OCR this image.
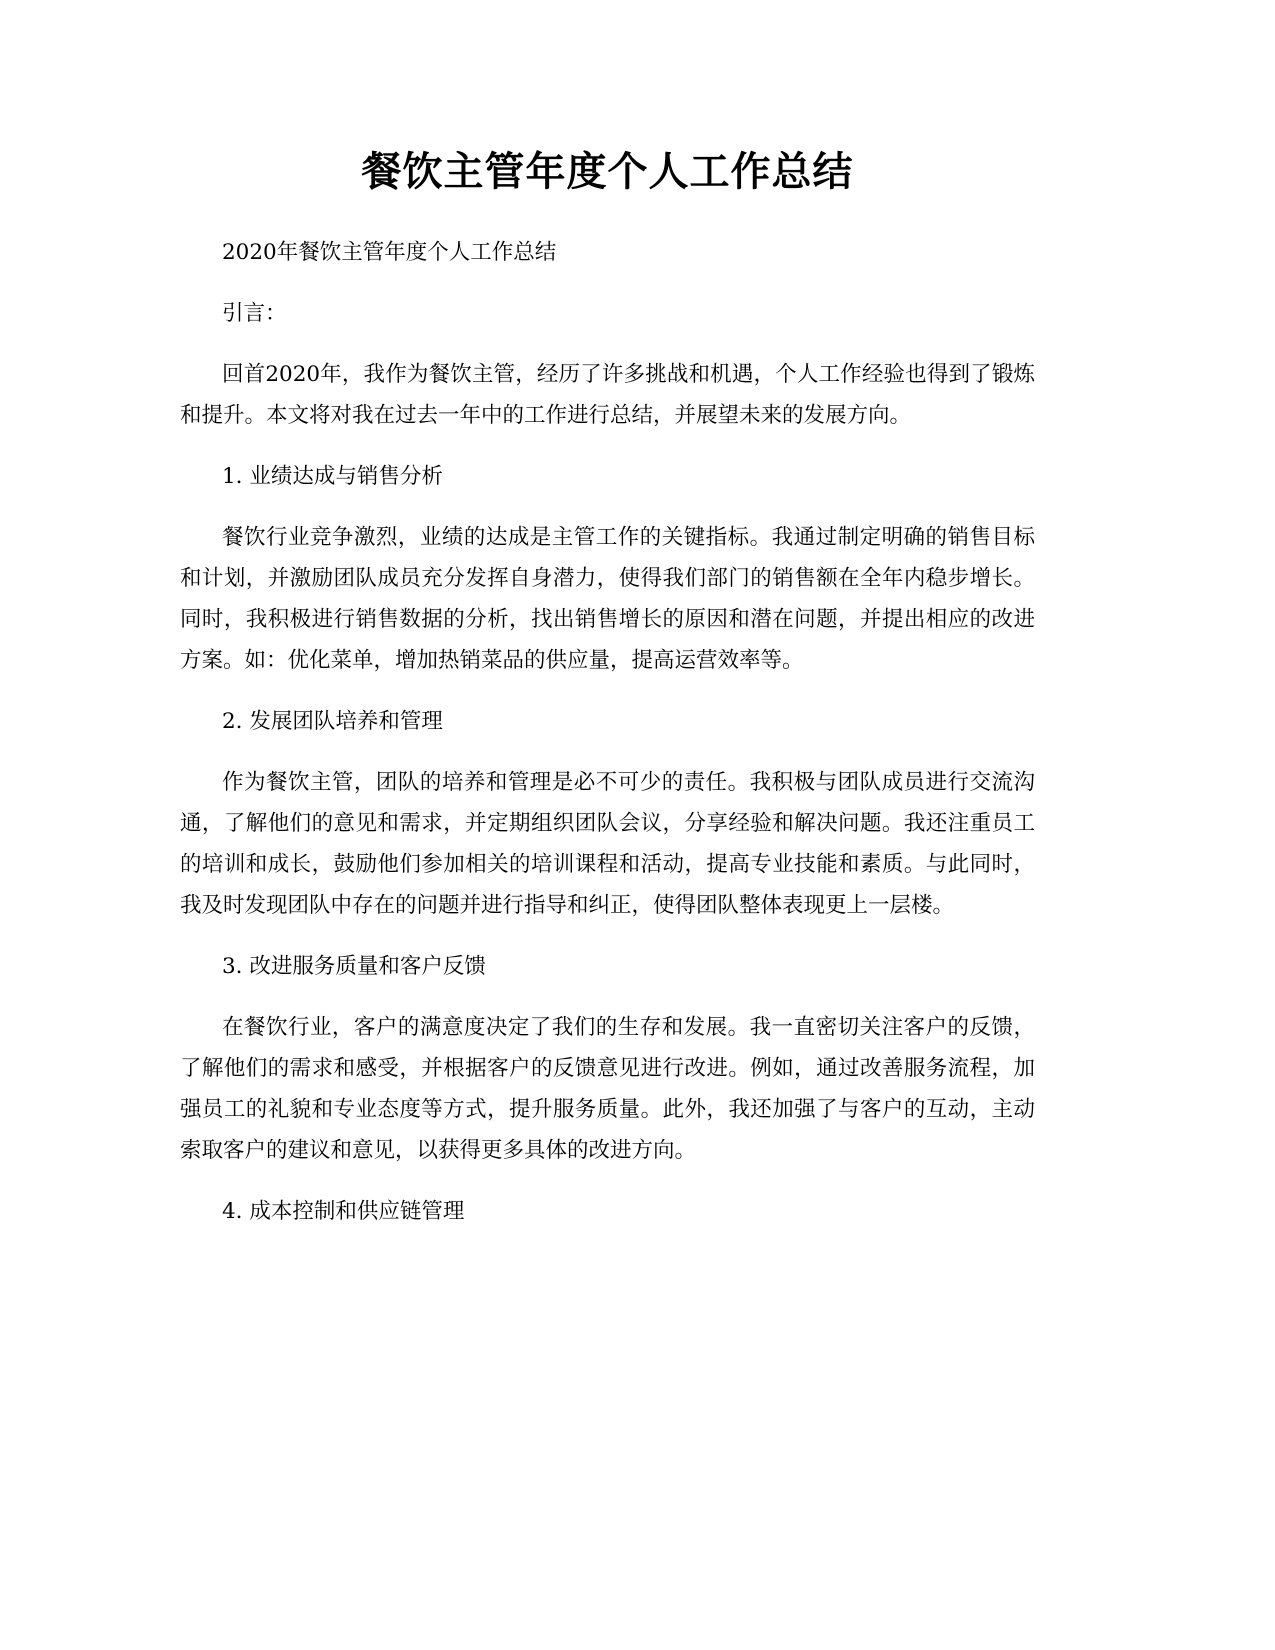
餐饮主管年度个人工作总结

2020年餐饮主管年度个人工作总结

引言：

回首2020年，我作为餐饮主管，经历了许多挑战和机遇，个人工作经验也得到了锻炼和提升。本文将对我在过去一年中的工作进行总结，并展望未来的发展方向。

1. 业绩达成与销售分析

餐饮行业竞争激烈，业绩的达成是主管工作的关键指标。我通过制定明确的销售目标和计划，并激励团队成员充分发挥自身潜力，使得我们部门的销售额在全年内稳步增长。同时，我积极进行销售数据的分析，找出销售增长的原因和潜在问题，并提出相应的改进方案。如：优化菜单，增加热销菜品的供应量，提高运营效率等。

2. 发展团队培养和管理

作为餐饮主管，团队的培养和管理是必不可少的责任。我积极与团队成员进行交流沟通，了解他们的意见和需求，并定期组织团队会议，分享经验和解决问题。我还注重员工的培训和成长，鼓励他们参加相关的培训课程和活动，提高专业技能和素质。与此同时，我及时发现团队中存在的问题并进行指导和纠正，使得团队整体表现更上一层楼。

3. 改进服务质量和客户反馈

在餐饮行业，客户的满意度决定了我们的生存和发展。我一直密切关注客户的反馈，了解他们的需求和感受，并根据客户的反馈意见进行改进。例如，通过改善服务流程，加强员工的礼貌和专业态度等方式，提升服务质量。此外，我还加强了与客户的互动，主动索取客户的建议和意见，以获得更多具体的改进方向。

4. 成本控制和供应链管理
